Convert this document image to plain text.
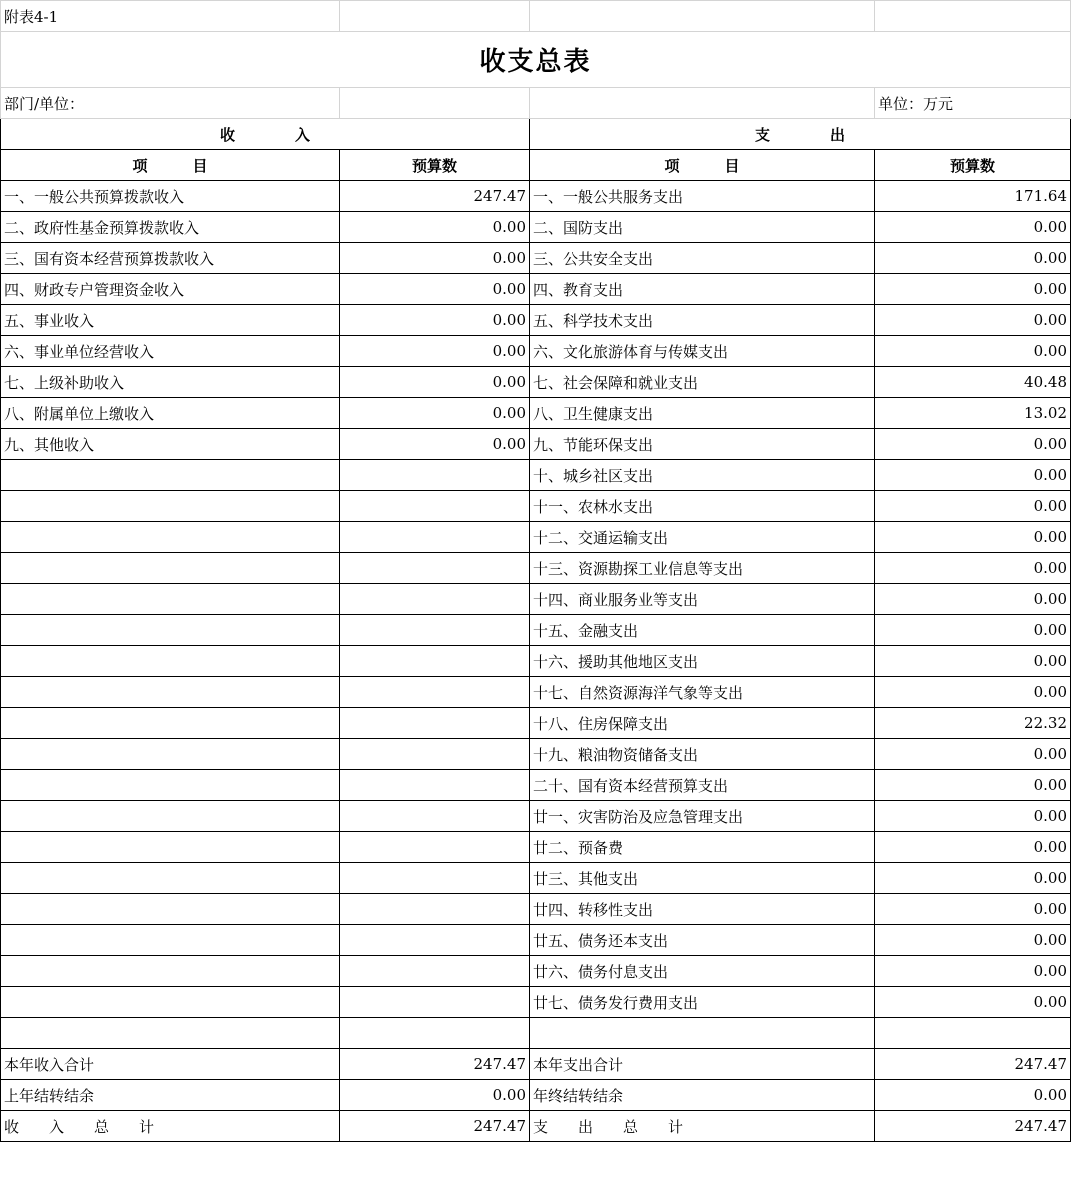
附表4-1			
收支总表			
部门/单位：			单位：万元
收　　　　入		支　　　　出	
项　　　目	预算数	项　　　目	预算数
一、一般公共预算拨款收入	247.47	一、一般公共服务支出	171.64
二、政府性基金预算拨款收入	0.00	二、国防支出	0.00
三、国有资本经营预算拨款收入	0.00	三、公共安全支出	0.00
四、财政专户管理资金收入	0.00	四、教育支出	0.00
五、事业收入	0.00	五、科学技术支出	0.00
六、事业单位经营收入	0.00	六、文化旅游体育与传媒支出	0.00
七、上级补助收入	0.00	七、社会保障和就业支出	40.48
八、附属单位上缴收入	0.00	八、卫生健康支出	13.02
九、其他收入	0.00	九、节能环保支出	0.00
		十、城乡社区支出	0.00
		十一、农林水支出	0.00
		十二、交通运输支出	0.00
		十三、资源勘探工业信息等支出	0.00
		十四、商业服务业等支出	0.00
		十五、金融支出	0.00
		十六、援助其他地区支出	0.00
		十七、自然资源海洋气象等支出	0.00
		十八、住房保障支出	22.32
		十九、粮油物资储备支出	0.00
		二十、国有资本经营预算支出	0.00
		廿一、灾害防治及应急管理支出	0.00
		廿二、预备费	0.00
		廿三、其他支出	0.00
		廿四、转移性支出	0.00
		廿五、债务还本支出	0.00
		廿六、债务付息支出	0.00
		廿七、债务发行费用支出	0.00

本年收入合计	247.47	本年支出合计	247.47
上年结转结余	0.00	年终结转结余	0.00
收　　入　　总　　计	247.47	支　　出　　总　　计	247.47
